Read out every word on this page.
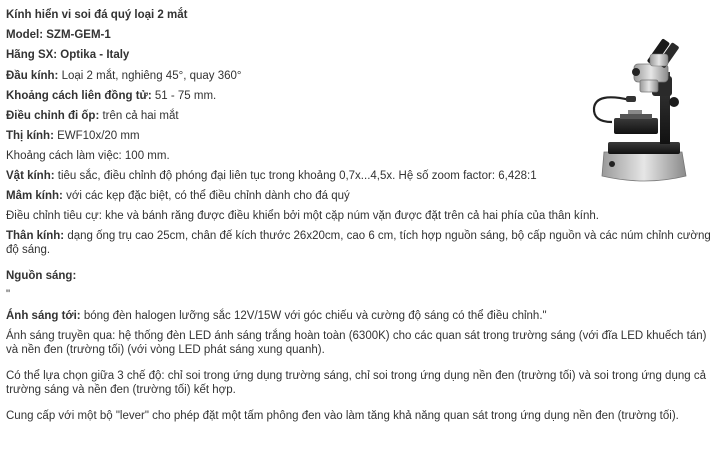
Kính hiển vi soi đá quý loại 2 mắt
Model: SZM-GEM-1
Hãng SX: Optika - Italy
Đầu kính: Loại 2 mắt, nghiêng 45°, quay 360°
Khoảng cách liên đồng tử: 51 - 75 mm.
Điều chỉnh đi ốp: trên cả hai mắt
Thị kính: EWF10x/20 mm
Khoảng cách làm việc: 100 mm.
Vật kính: tiêu sắc, điều chỉnh độ phóng đại liên tục trong khoảng 0,7x...4,5x. Hệ số zoom factor: 6,428:1
Mâm kính: với các kẹp đặc biệt, có thể điều chỉnh dành cho đá quý
Điều chỉnh tiêu cự: khe và bánh răng được điều khiển bởi một cặp núm vặn được đặt trên cả hai phía của thân kính.
Thân kính: dạng ống trụ cao 25cm, chân đế kích thước 26x20cm, cao 6 cm, tích hợp nguồn sáng, bộ cấp nguồn và các núm chỉnh cường độ sáng.
Nguồn sáng:
"
Ánh sáng tới: bóng đèn halogen lưỡng sắc 12V/15W với góc chiếu và cường độ sáng có thể điều chỉnh."
Ánh sáng truyền qua: hệ thống đèn LED ánh sáng trắng hoàn toàn (6300K) cho các quan sát trong trường sáng (với đĩa LED khuếch tán) và nền đen (trường tối) (với vòng LED phát sáng xung quanh).
Có thể lựa chọn giữa 3 chế độ: chỉ soi trong ứng dụng trường sáng, chỉ soi trong ứng dụng nền đen (trường tối) và soi trong ứng dụng cả trường sáng và nền đen (trường tối) kết hợp.
Cung cấp với một bộ "lever" cho phép đặt một tấm phông đen vào làm tăng khả năng quan sát trong ứng dụng nền đen (trường tối).
